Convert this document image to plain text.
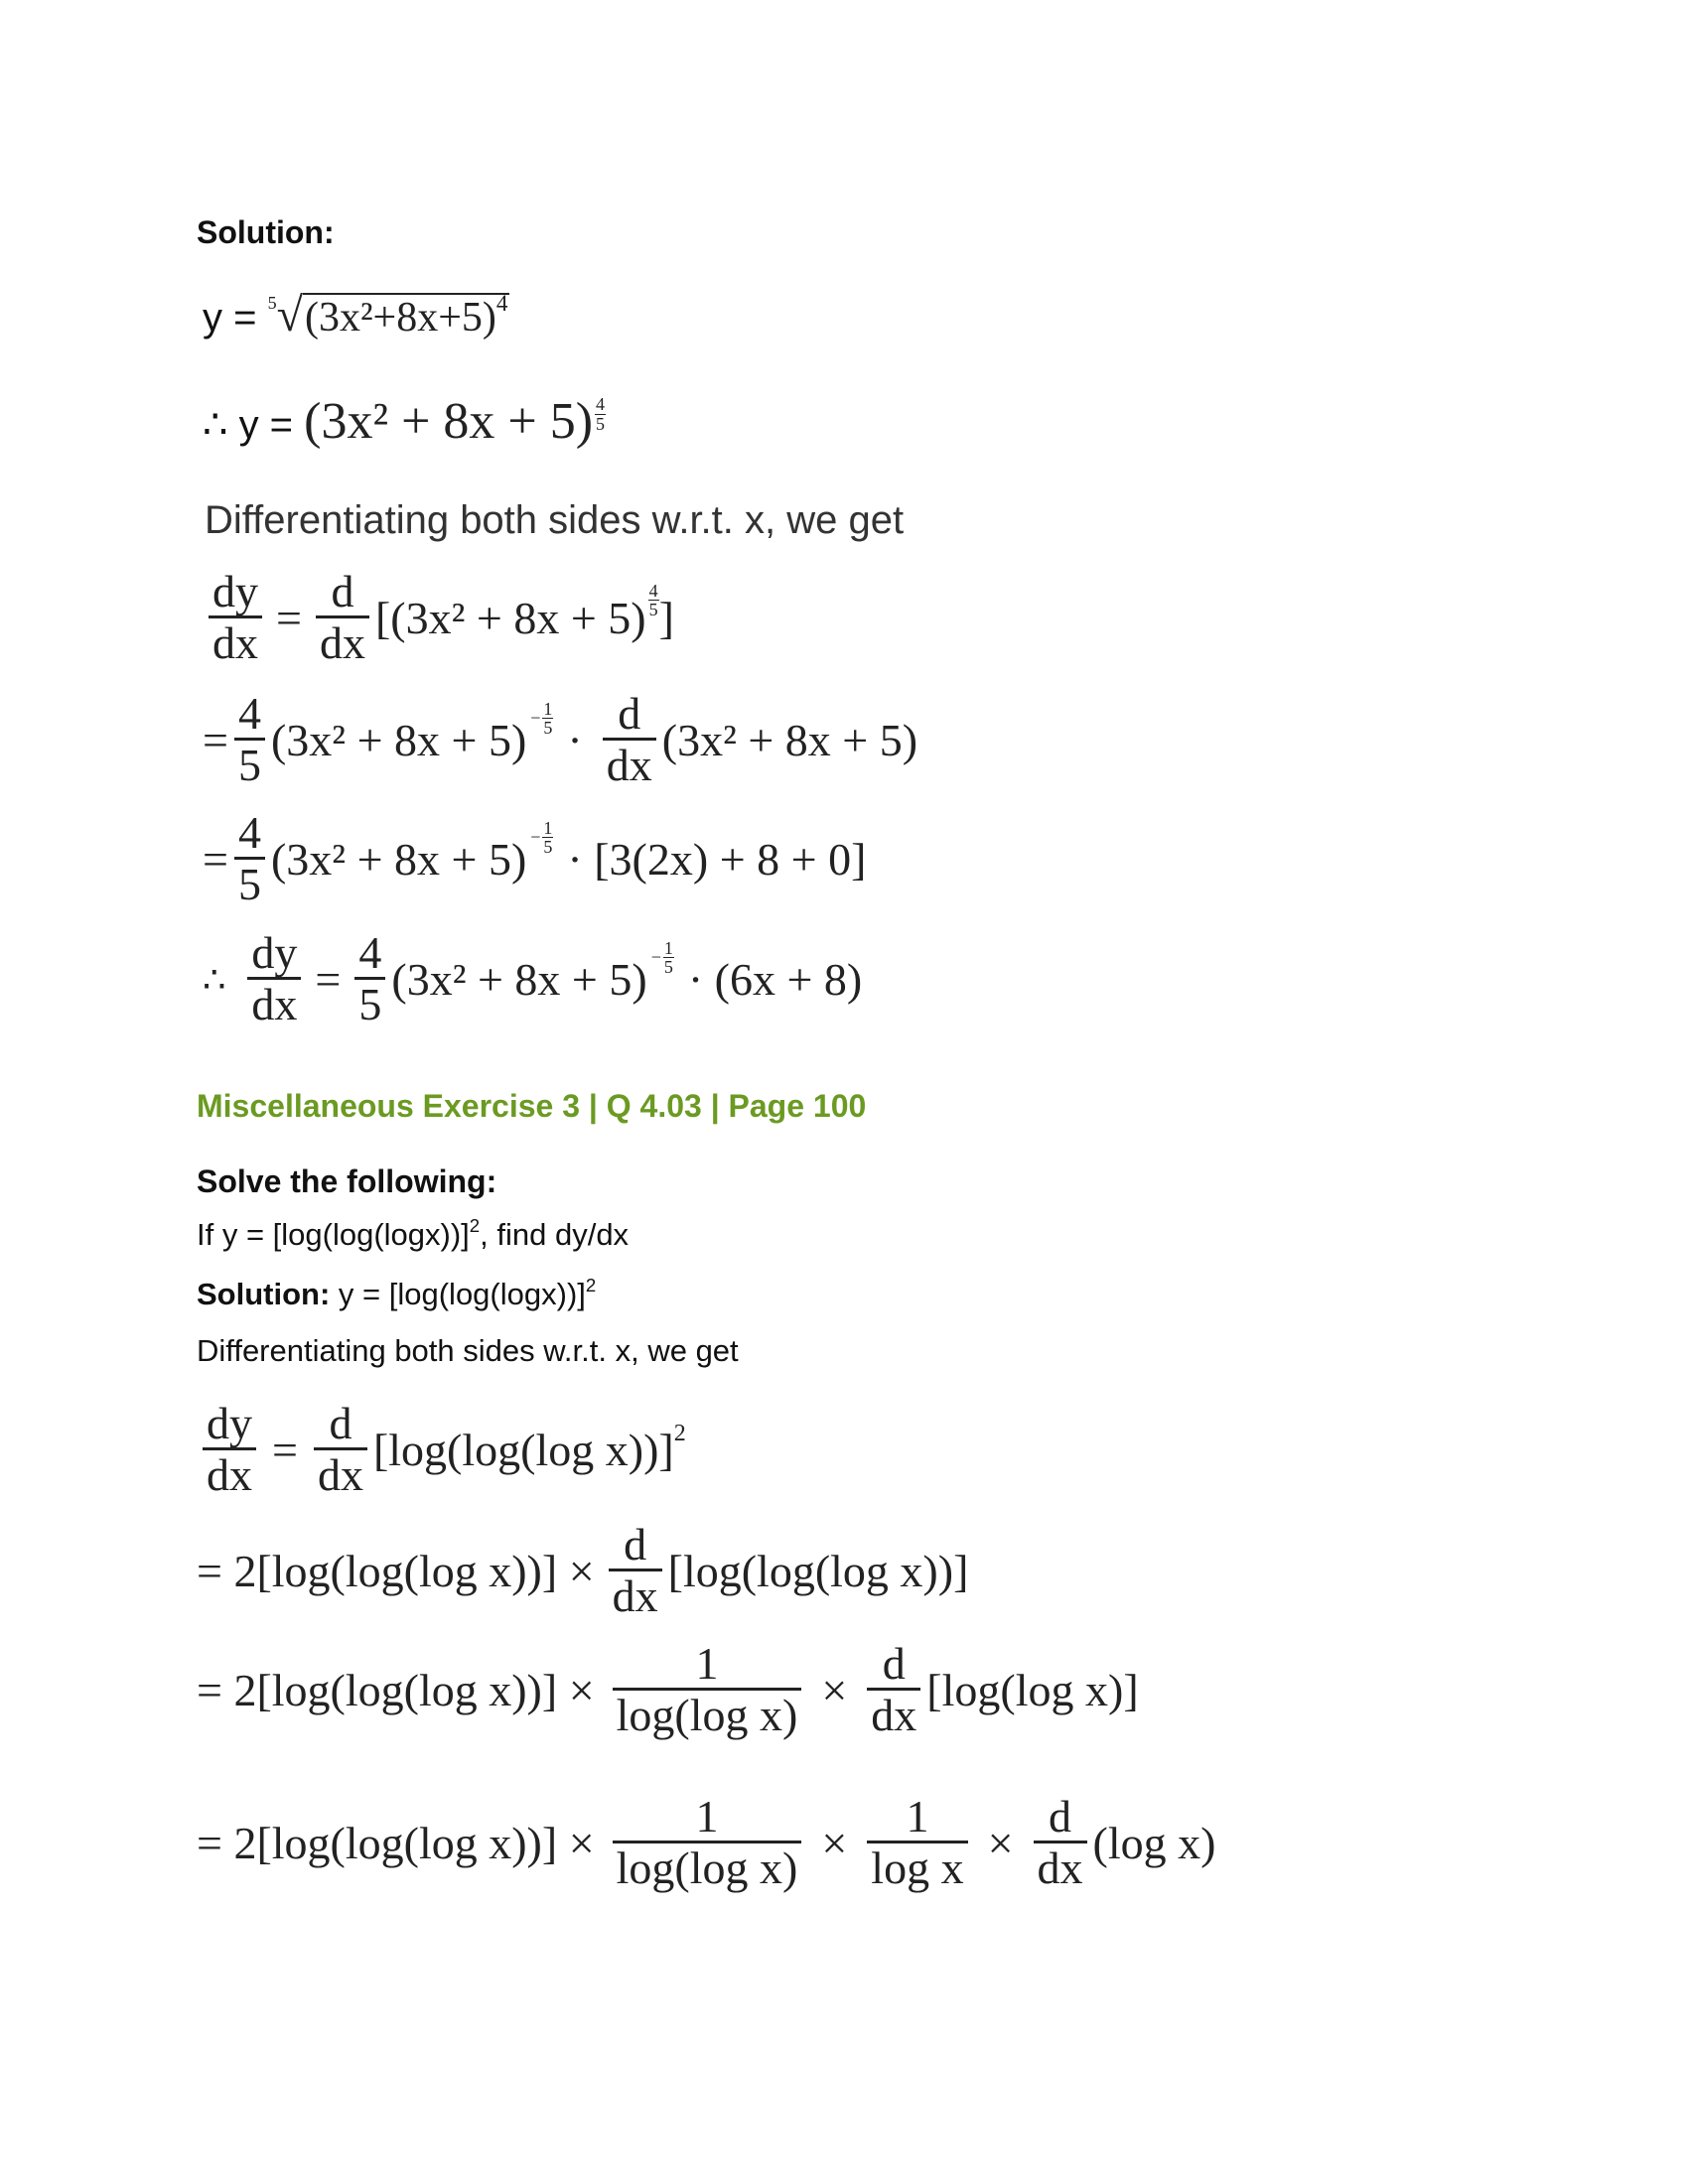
Solution:
$y = ^5√(3x^2+8x+5)^4$
∴ $y = (3x^2 + 8x + 5) \frac{4}{5}$
Differentiating both sides w.r.t. x, we get
$\frac{dy}{dx} = \frac{d}{dx} [(3x^2 + 8x + 5)$
4
5 ]
= $\frac{4}{5} (3x^2 + 8x + 5) - \frac{1}{5} \cdot \frac{d}{dx} (3x^2 + 8x + 5)$
= $\frac{4}{5} (3x^2 + 8x + 5) - \frac{1}{5} \cdot [3(2x) + 8 + 0]$
∴ $\frac{dy}{dx} = \frac{4}{5} (3x^2 + 8x + 5) - \frac{1}{5} \cdot (6x + 8)$
Miscellaneous Exercise 3 | Q 4.03 | Page 100
Solve the following:
If $y = [\log(\log(\log x))]^2$, find dy/dx
Solution: $y = [\log(\log(\log x))]^2$
Differentiating both sides w.r.t. x, we get
$\frac{dy}{dx} = \frac{d}{dx} [\log(\log(\log$ x))] 2
= 2[log(log(log $x))] \times \frac{d}{dx} [\log(\log(\log$ x))]
= 2[log(log(log $x))] \times \frac{1}{\text{log(log x)}} \times \frac{d}{dx} [\log(\log$ x)]
= 2[log(log(log $x))] \times \frac{1}{\text{log(log x)}} \times \frac{1}{\text{log x}} \times \frac{d}{dx} (\log$ x)
